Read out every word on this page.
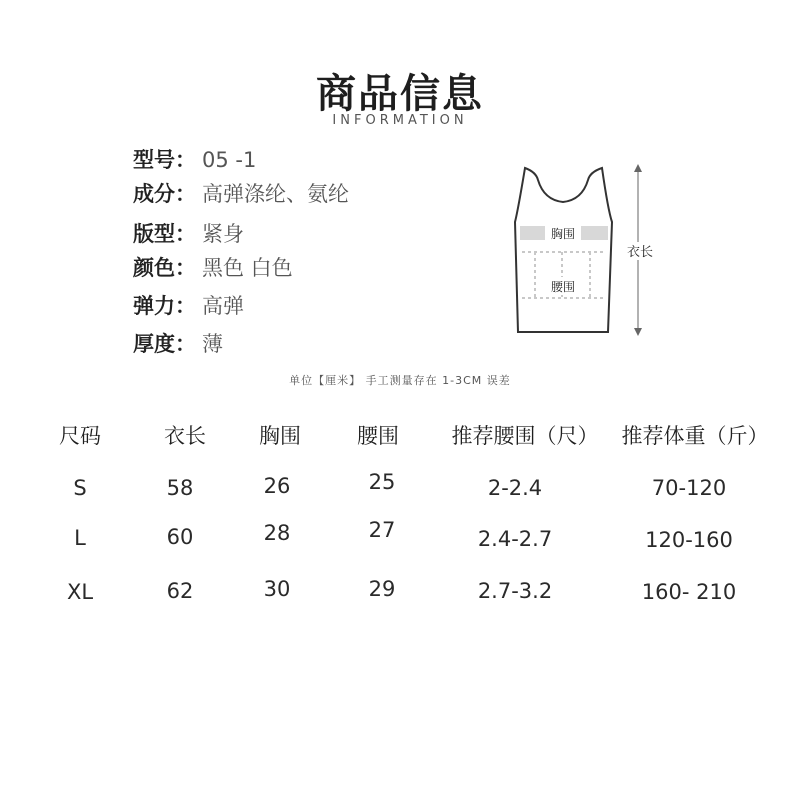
商品信息
INFORMATION
型号： 05 -1
成分： 高弹涤纶、氨纶
版型： 紧身
颜色： 黑色 白色
弹力： 高弹
厚度： 薄
胸围
腰围
衣长
单位【厘米】 手工测量存在 1-3CM 误差
尺码	衣长	胸围	腰围	推荐腰围（尺）	推荐体重（斤）
S	58	26	25	2-2.4	70-120
L	60	28	27	2.4-2.7	120-160
XL	62	30	29	2.7-3.2	160- 210
